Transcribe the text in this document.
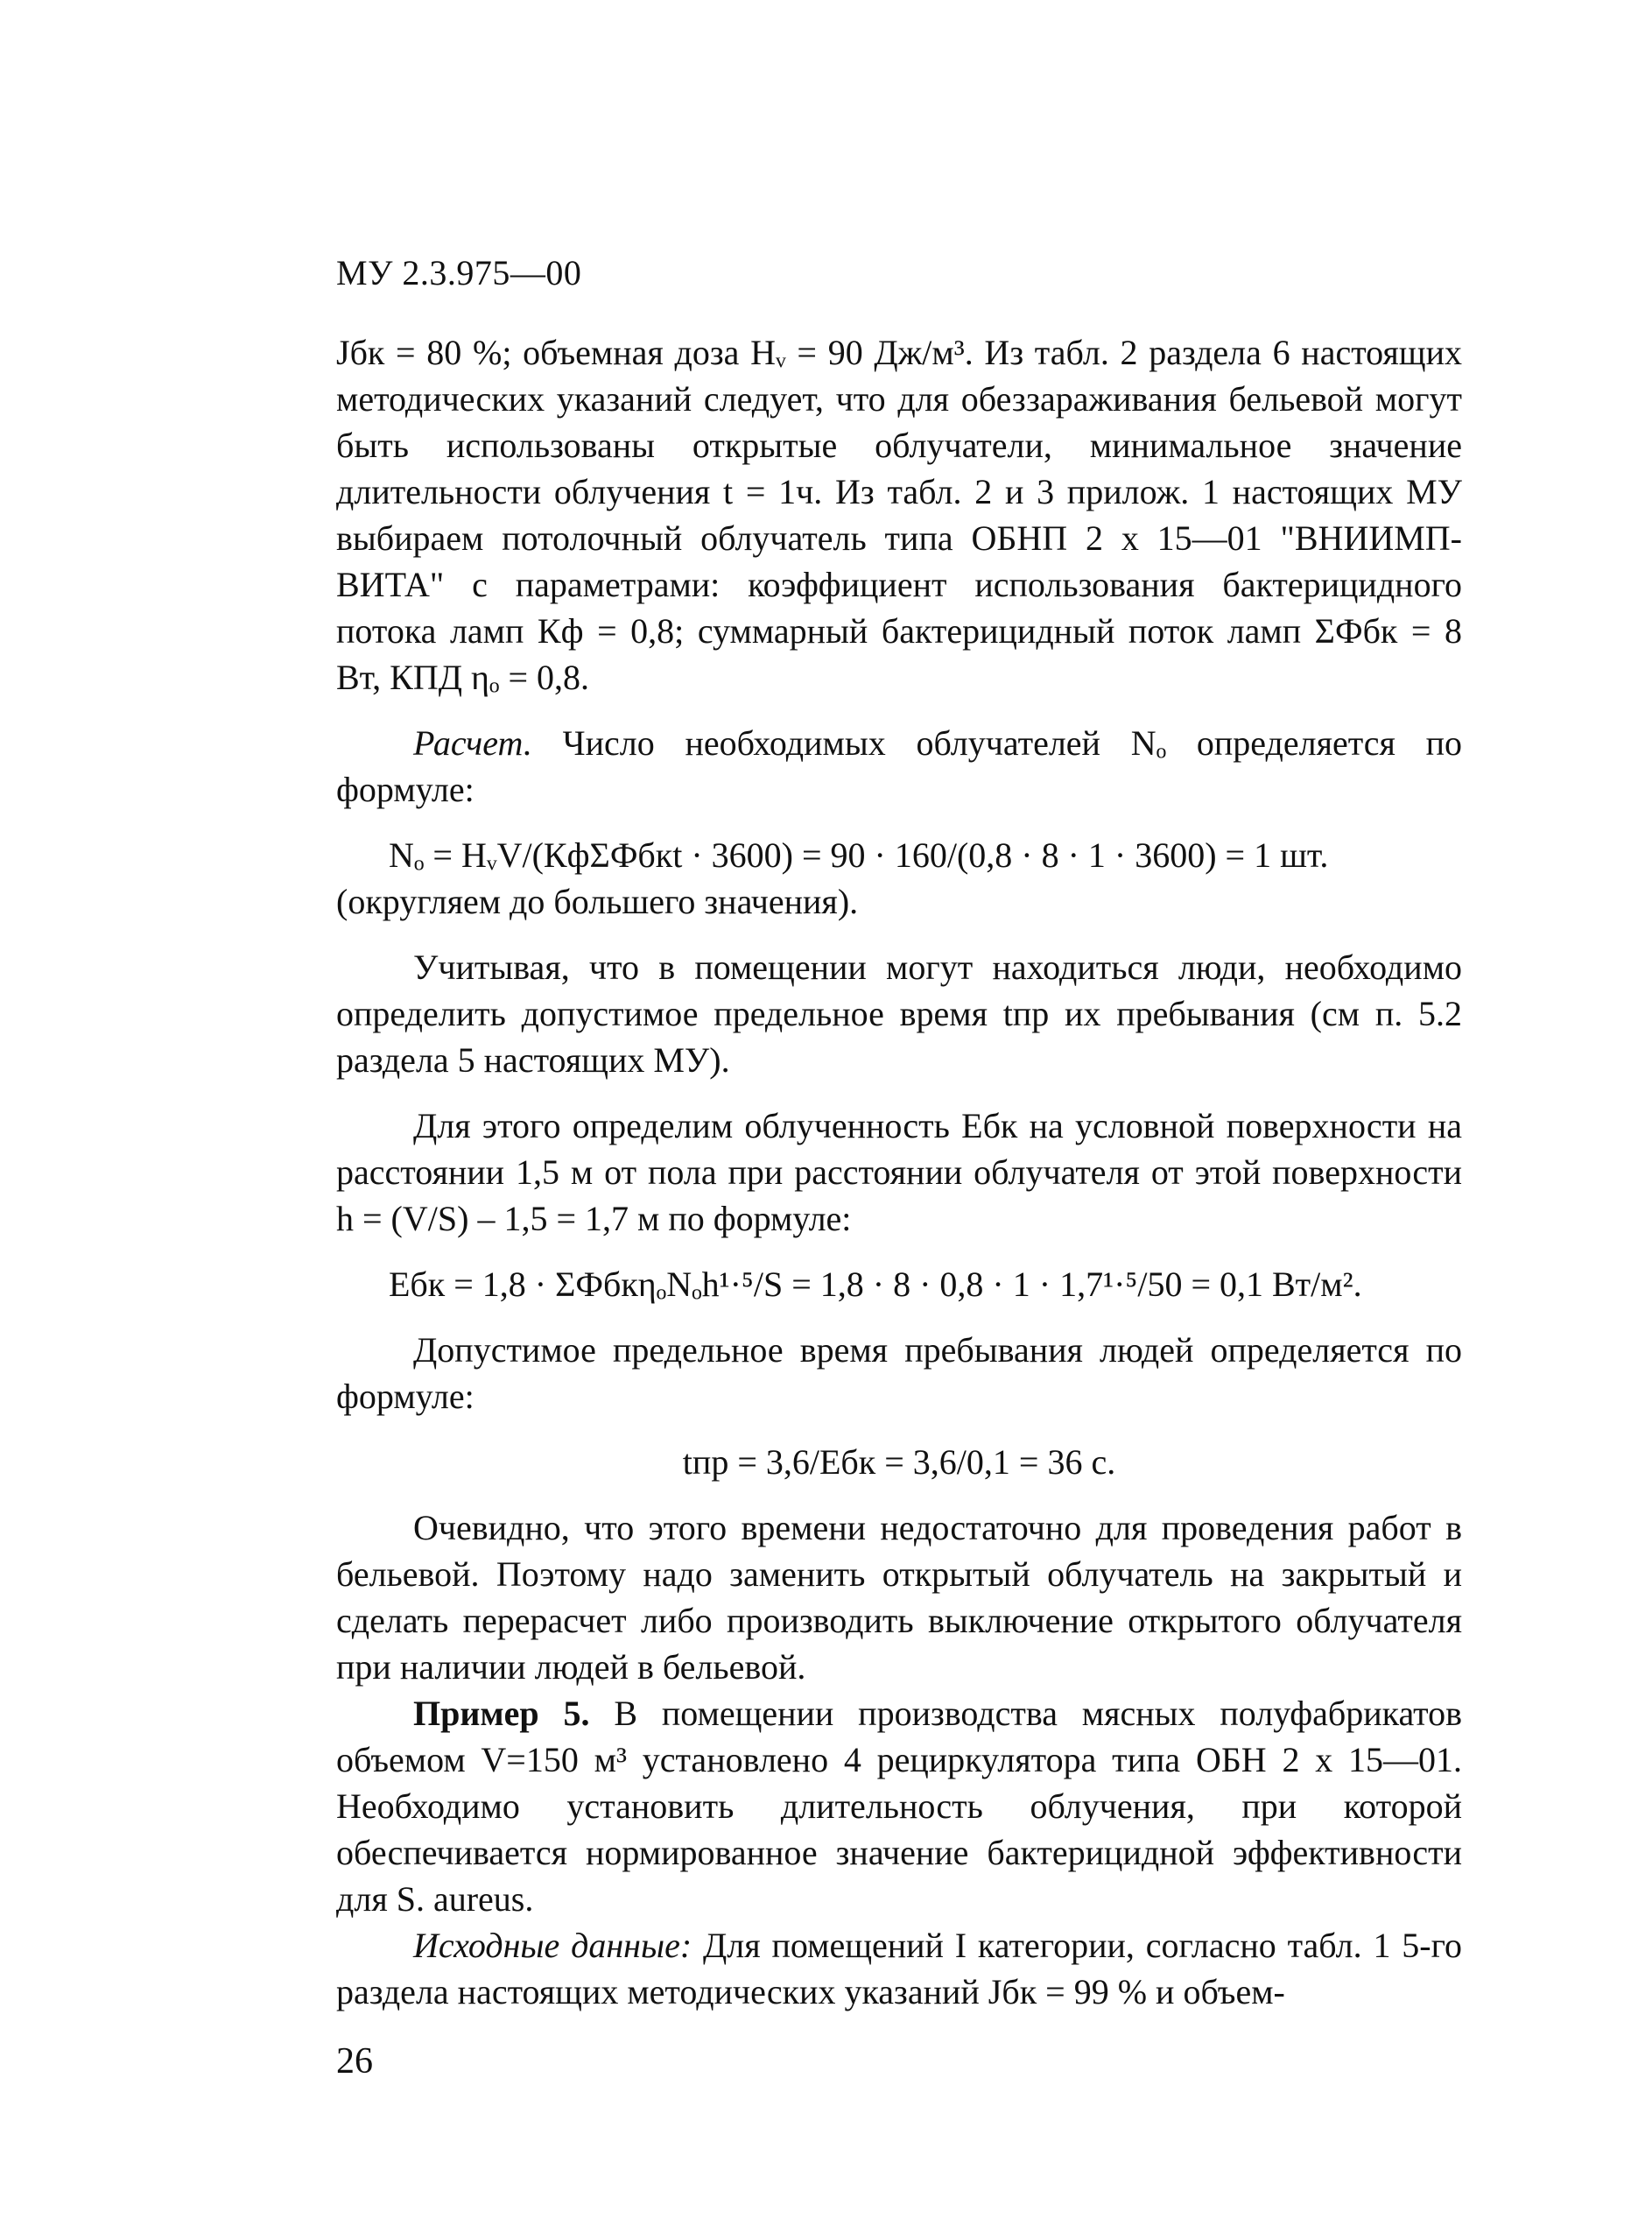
МУ 2.3.975—00

Jбк = 80 %; объемная доза Hᵥ = 90 Дж/м³. Из табл. 2 раздела 6 настоящих методических указаний следует, что для обеззараживания бельевой могут быть использованы открытые облучатели, минимальное значение длительности облучения t = 1ч. Из табл. 2 и 3 прилож. 1 настоящих МУ выбираем потолочный облучатель типа ОБНП 2 х 15—01 "ВНИИМП-ВИТА" с параметрами: коэффициент использования бактерицидного потока ламп Кф = 0,8; суммарный бактерицидный поток ламп ΣФбк = 8 Вт, КПД ηₒ = 0,8.

Расчет. Число необходимых облучателей Nₒ определяется по формуле:

Nₒ = HᵥV/(КфΣФбкt · 3600) = 90 · 160/(0,8 · 8 · 1 · 3600) = 1 шт. (округляем до большего значения).

Учитывая, что в помещении могут находиться люди, необходимо определить допустимое предельное время tпр их пребывания (см п. 5.2 раздела 5 настоящих МУ).

Для этого определим облученность Eбк на условной поверхности на расстоянии 1,5 м от пола при расстоянии облучателя от этой поверхности h = (V/S) – 1,5 = 1,7 м по формуле:

Eбк = 1,8 · ΣФбкηₒNₒh¹·⁵/S = 1,8 · 8 · 0,8 · 1 · 1,7¹·⁵/50 = 0,1 Вт/м².

Допустимое предельное время пребывания людей определяется по формуле:

tпр = 3,6/Eбк = 3,6/0,1 = 36 с.

Очевидно, что этого времени недостаточно для проведения работ в бельевой. Поэтому надо заменить открытый облучатель на закрытый и сделать перерасчет либо производить выключение открытого облучателя при наличии людей в бельевой.

Пример 5. В помещении производства мясных полуфабрикатов объемом V=150 м³ установлено 4 рециркулятора типа ОБН 2 х 15—01. Необходимо установить длительность облучения, при которой обеспечивается нормированное значение бактерицидной эффективности для S. aureus.

Исходные данные: Для помещений I категории, согласно табл. 1 5-го раздела настоящих методических указаний Jбк = 99 % и объем-

26
